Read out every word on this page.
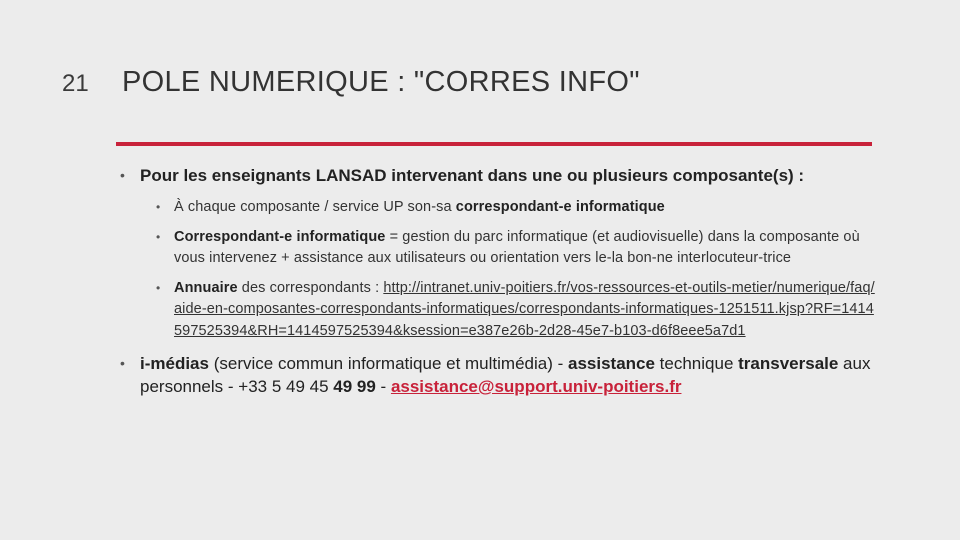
21 POLE NUMERIQUE : "CORRES INFO"
• Pour les enseignants LANSAD intervenant dans une ou plusieurs composante(s) :
• À chaque composante / service UP son-sa correspondant-e informatique
• Correspondant-e informatique = gestion du parc informatique (et audiovisuelle) dans la composante où vous intervenez + assistance aux utilisateurs ou orientation vers le-la bon-ne interlocuteur-trice
• Annuaire des correspondants : http://intranet.univ-poitiers.fr/vos-ressources-et-outils-metier/numerique/faq/aide-en-composantes-correspondants-informatiques/correspondants-informatiques-1251511.kjsp?RF=1414597525394&RH=1414597525394&ksession=e387e26b-2d28-45e7-b103-d6f8eee5a7d1
• i-médias (service commun informatique et multimédia) - assistance technique transversale aux personnels - +33 5 49 45 49 99 - assistance@support.univ-poitiers.fr
